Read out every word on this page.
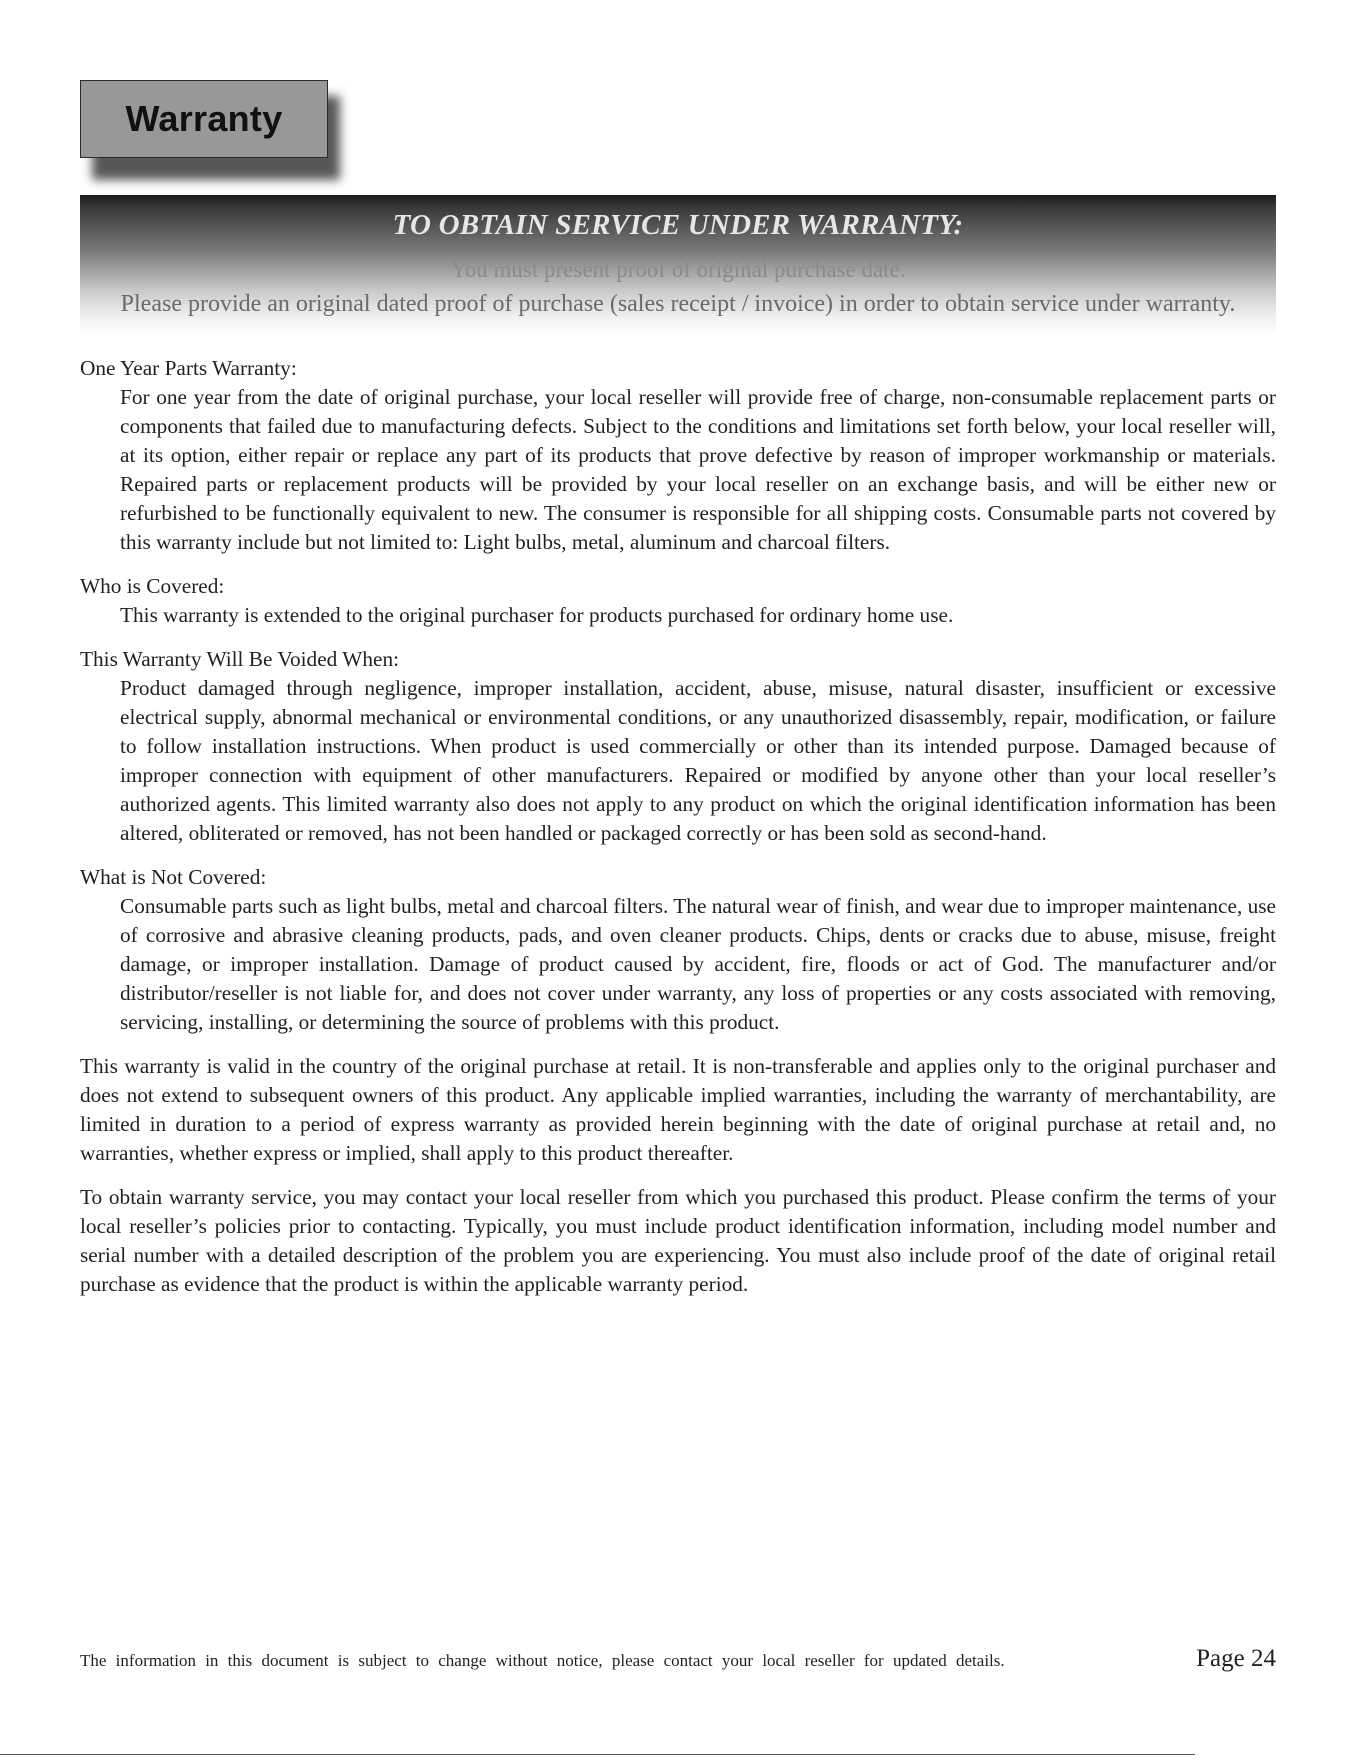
Warranty
TO OBTAIN SERVICE UNDER WARRANTY:
You must present proof of original purchase date.
Please provide an original dated proof of purchase (sales receipt / invoice) in order to obtain service under warranty.
One Year Parts Warranty:
For one year from the date of original purchase, your local reseller will provide free of charge, non-consumable replacement parts or components that failed due to manufacturing defects. Subject to the conditions and limitations set forth below, your local reseller will, at its option, either repair or replace any part of its products that prove defective by reason of improper workmanship or materials. Repaired parts or replacement products will be provided by your local reseller on an exchange basis, and will be either new or refurbished to be functionally equivalent to new. The consumer is responsible for all shipping costs. Consumable parts not covered by this warranty include but not limited to: Light bulbs, metal, aluminum and charcoal filters.
Who is Covered:
This warranty is extended to the original purchaser for products purchased for ordinary home use.
This Warranty Will Be Voided When:
Product damaged through negligence, improper installation, accident, abuse, misuse, natural disaster, insufficient or excessive electrical supply, abnormal mechanical or environmental conditions, or any unauthorized disassembly, repair, modification, or failure to follow installation instructions. When product is used commercially or other than its intended purpose. Damaged because of improper connection with equipment of other manufacturers. Repaired or modified by anyone other than your local reseller’s authorized agents. This limited warranty also does not apply to any product on which the original identification information has been altered, obliterated or removed, has not been handled or packaged correctly or has been sold as second-hand.
What is Not Covered:
Consumable parts such as light bulbs, metal and charcoal filters. The natural wear of finish, and wear due to improper maintenance, use of corrosive and abrasive cleaning products, pads, and oven cleaner products. Chips, dents or cracks due to abuse, misuse, freight damage, or improper installation. Damage of product caused by accident, fire, floods or act of God. The manufacturer and/or distributor/reseller is not liable for, and does not cover under warranty, any loss of properties or any costs associated with removing, servicing, installing, or determining the source of problems with this product.
This warranty is valid in the country of the original purchase at retail. It is non-transferable and applies only to the original purchaser and does not extend to subsequent owners of this product. Any applicable implied warranties, including the warranty of merchantability, are limited in duration to a period of express warranty as provided herein beginning with the date of original purchase at retail and, no warranties, whether express or implied, shall apply to this product thereafter.
To obtain warranty service, you may contact your local reseller from which you purchased this product. Please confirm the terms of your local reseller’s policies prior to contacting. Typically, you must include product identification information, including model number and serial number with a detailed description of the problem you are experiencing. You must also include proof of the date of original retail purchase as evidence that the product is within the applicable warranty period.
The information in this document is subject to change without notice, please contact your local reseller for updated details.	Page 24
